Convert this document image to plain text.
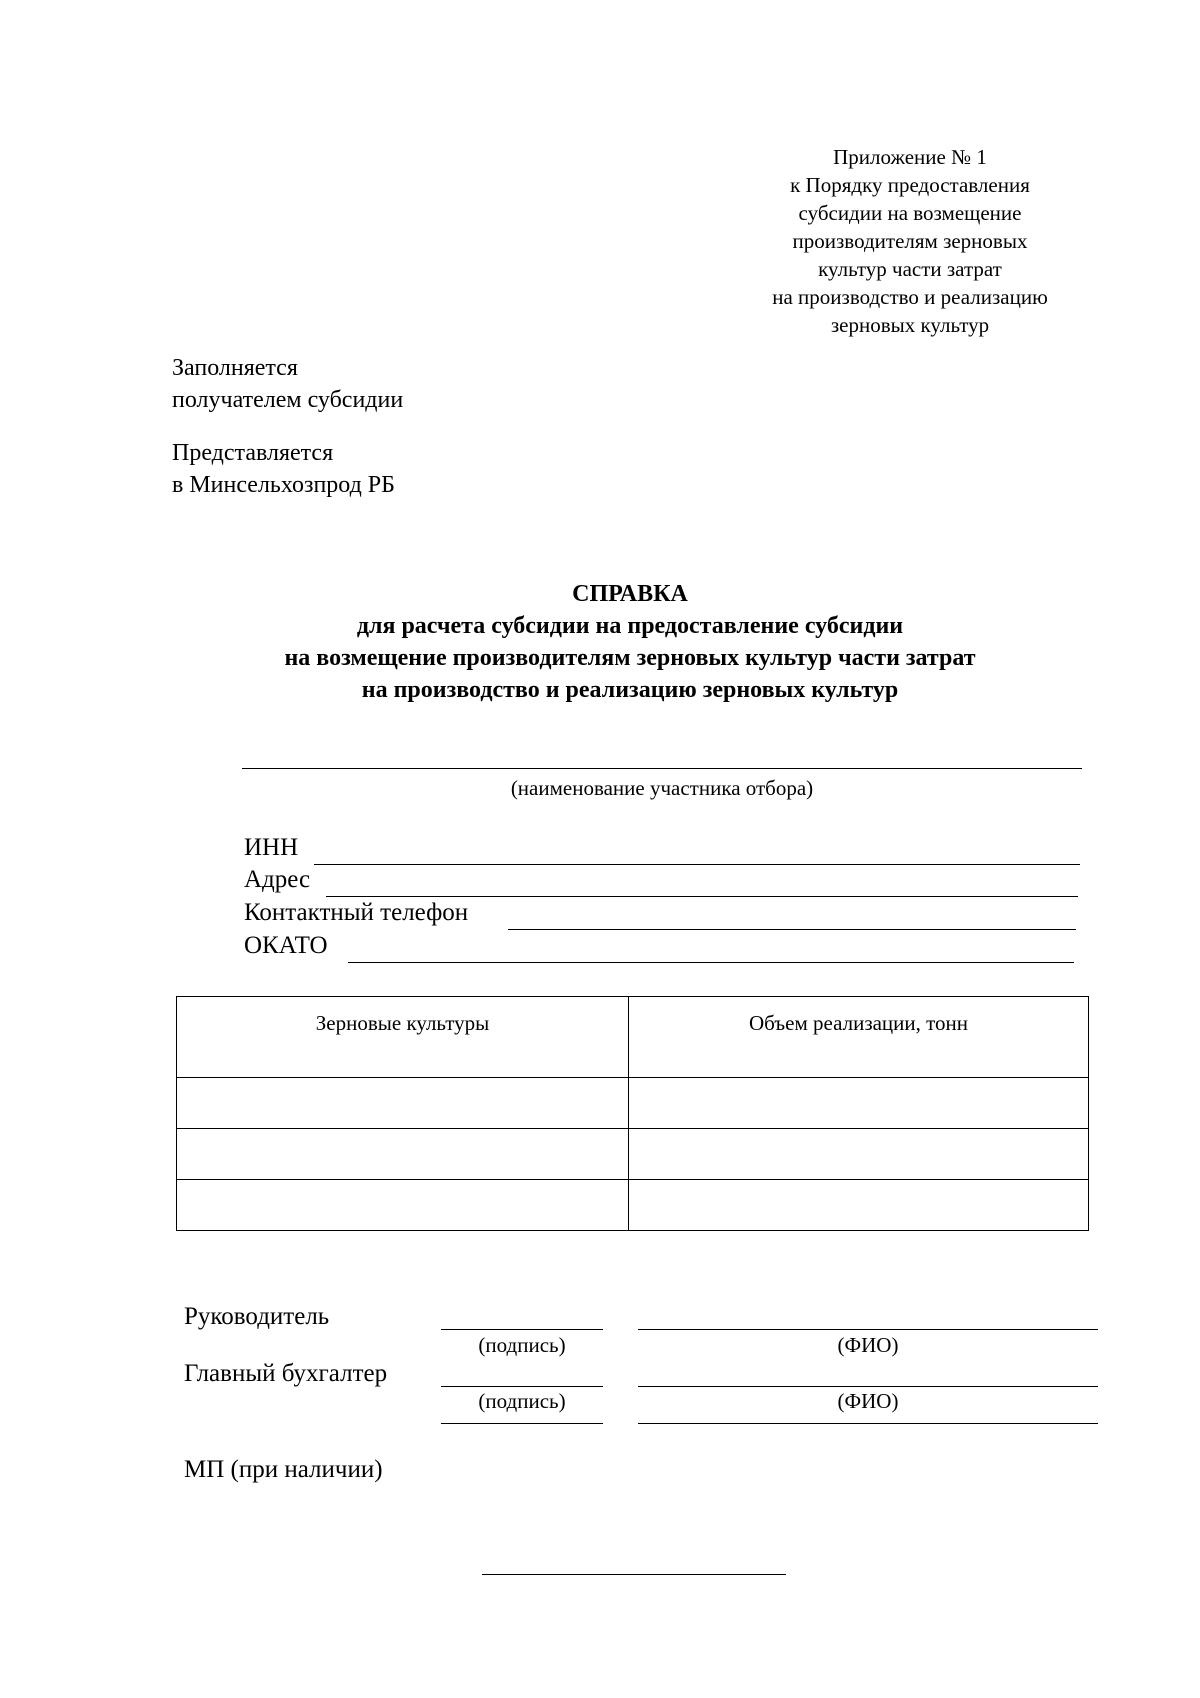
Приложение № 1
к Порядку предоставления
субсидии на возмещение
производителям зерновых
культур части затрат
на производство и реализацию
зерновых культур
Заполняется
получателем субсидии
Представляется
в Минсельхозпрод РБ
СПРАВКА
для расчета субсидии на предоставление субсидии
на возмещение производителям зерновых культур части затрат
на производство и реализацию зерновых культур
(наименование участника отбора)
ИНН
Адрес
Контактный телефон
ОКАТО
Зерновые культуры	Объем реализации, тонн

Руководитель
(подпись)	(ФИО)
Главный бухгалтер
(подпись)	(ФИО)
МП (при наличии)
